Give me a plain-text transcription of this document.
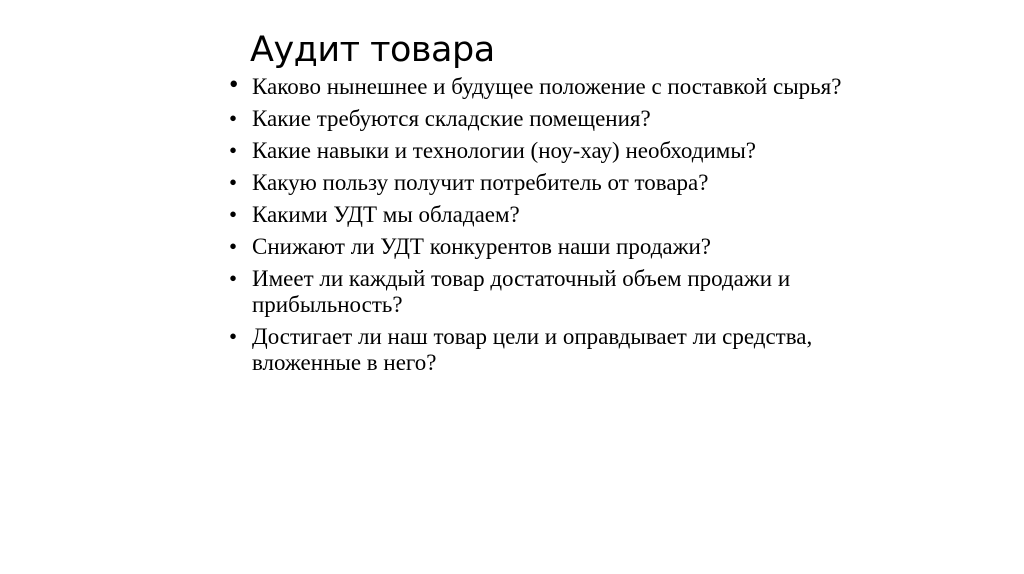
Аудит товара
• Каково нынешнее и будущее положение с поставкой сырья?
• Какие требуются складские помещения?
• Какие навыки и технологии (ноу-хау) необходимы?
• Какую пользу получит потребитель от товара?
• Какими УДТ мы обладаем?
• Снижают ли УДТ конкурентов наши продажи?
• Имеет ли каждый товар достаточный объем продажи и прибыльность?
• Достигает ли наш товар цели и оправдывает ли средства, вложенные в него?
